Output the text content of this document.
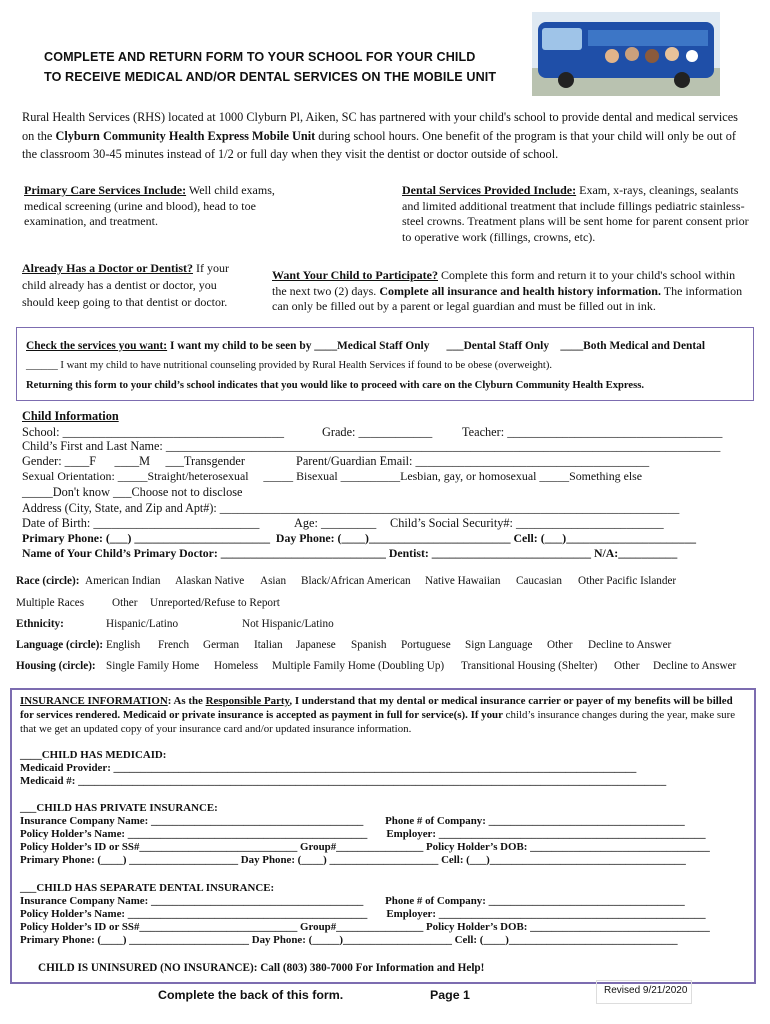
COMPLETE AND RETURN FORM TO YOUR SCHOOL FOR YOUR CHILD
TO RECEIVE MEDICAL AND/OR DENTAL SERVICES ON THE MOBILE UNIT
Rural Health Services (RHS) located at 1000 Clyburn Pl, Aiken, SC has partnered with your child's school to provide dental and medical services on the Clyburn Community Health Express Mobile Unit during school hours. One benefit of the program is that your child will only be out of the classroom 30-45 minutes instead of 1/2 or full day when they visit the dentist or doctor outside of school.
Primary Care Services Include: Well child exams, medical screening (urine and blood), head to toe examination, and treatment.
Dental Services Provided Include: Exam, x-rays, cleanings, sealants and limited additional treatment that include fillings pediatric stainless-steel crowns. Treatment plans will be sent home for parent consent prior to operative work (fillings, crowns, etc).
Already Has a Doctor or Dentist? If your child already has a dentist or doctor, you should keep going to that dentist or doctor.
Want Your Child to Participate? Complete this form and return it to your child's school within the next two (2) days. Complete all insurance and health history information. The information can only be filled out by a parent or legal guardian and must be filled out in ink.
Check the services you want: I want my child to be seen by ____Medical Staff Only      ___Dental Staff Only    ____Both Medical and Dental
______ I want my child to have nutritional counseling provided by Rural Health Services if found to be obese (overweight).
Returning this form to your child’s school indicates that you would like to proceed with care on the Clyburn Community Health Express.
Child Information
School: ____________________________________	Grade: ____________ Teacher: ___________________________________
Child’s First and Last Name: ___________________________________________________________________________________________
Gender: ____F      ____M     ___Transgender	Parent/Guardian Email: ______________________________________
Sexual Orientation: _____Straight/heterosexual     _____ Bisexual __________Lesbian, gay, or homosexual _____Something else
_____Don't know ___Choose not to disclose
Address (City, State, and Zip and Apt#): ____________________________________________________________________________
Date of Birth: ___________________________	Age: _________ Child’s Social Security#: ________________________
Primary Phone: (___) _______________________  Day Phone: (____)________________________ Cell: (___)______________________
Name of Your Child’s Primary Doctor: ____________________________ Dentist: ___________________________ N/A:__________
Race (circle): American Indian Alaskan Native Asian Black/African American Native Hawaiian Caucasian Other Pacific Islander
Multiple Races Other Unreported/Refuse to Report
Ethnicity:	Hispanic/Latino	Not Hispanic/Latino
Language (circle): English French German Italian Japanese Spanish Portuguese Sign Language Other Decline to Answer
Housing (circle): Single Family Home Homeless Multiple Family Home (Doubling Up) Transitional Housing (Shelter) Other Decline to Answer
INSURANCE INFORMATION: As the Responsible Party, I understand that my dental or medical insurance carrier or payer of my benefits will be billed for services rendered. Medicaid or private insurance is accepted as payment in full for service(s). If your child’s insurance changes during the year, make sure that we get an updated copy of your insurance card and/or updated insurance information.
____CHILD HAS MEDICAID:
Medicaid Provider: ________________________________________________________________________________________________
Medicaid #: ____________________________________________________________________________________________________________
___CHILD HAS PRIVATE INSURANCE:
Insurance Company Name: _______________________________________        Phone # of Company: ____________________________________
Policy Holder’s Name: ____________________________________________       Employer: _________________________________________________
Policy Holder’s ID or SS#_____________________________ Group#________________ Policy Holder’s DOB: _________________________________
Primary Phone: (____) ____________________ Day Phone: (____) ____________________ Cell: (___)____________________________________
___CHILD HAS SEPARATE DENTAL INSURANCE:
Insurance Company Name: _______________________________________        Phone # of Company: ____________________________________
Policy Holder’s Name: ____________________________________________       Employer: _________________________________________________
Policy Holder’s ID or SS#_____________________________ Group#________________ Policy Holder’s DOB: _________________________________
Primary Phone: (____) ______________________ Day Phone: (_____)____________________ Cell: (____)_______________________________
CHILD IS UNINSURED (NO INSURANCE): Call (803) 380-7000 For Information and Help!
Complete the back of this form.	Page 1	Revised 9/21/2020
